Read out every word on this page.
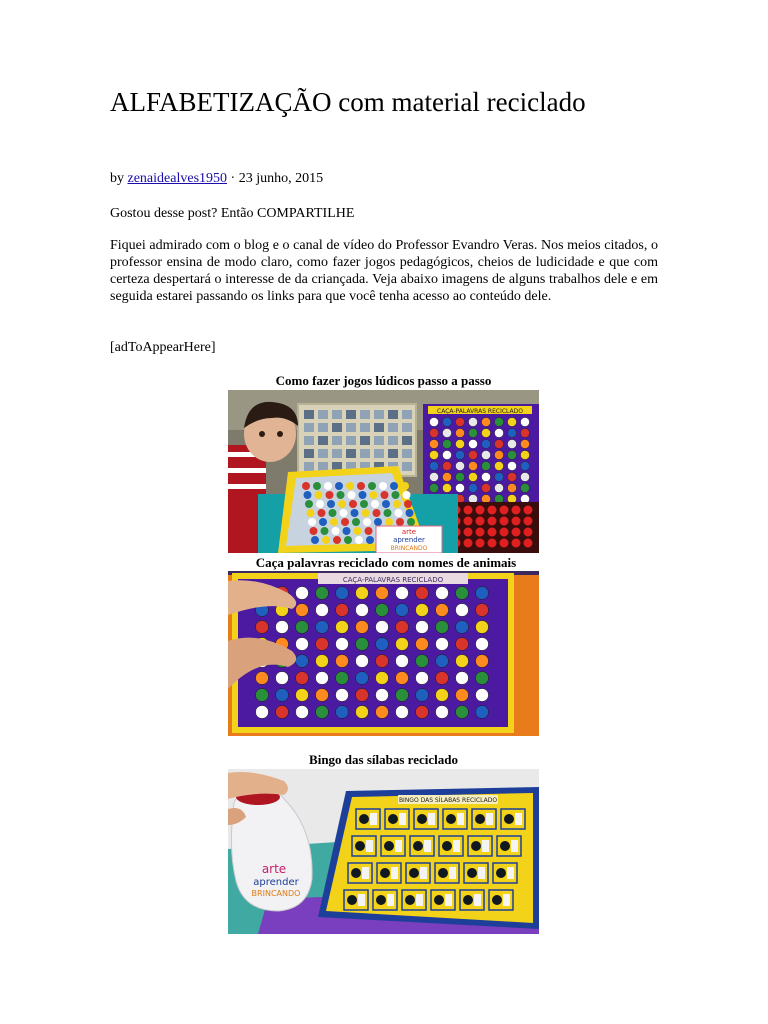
ALFABETIZAÇÃO com material reciclado
by zenaidealves1950 · 23 junho, 2015
Gostou desse post? Então COMPARTILHE

Fiquei admirado com o blog e o canal de vídeo do Professor Evandro Veras. Nos meios citados, o professor ensina de modo claro, como fazer jogos pedagógicos, cheios de ludicidade e que com certeza despertará o interesse de da criançada. Veja abaixo imagens de alguns trabalhos dele e em seguida estarei passando os links para que você tenha acesso ao conteúdo dele.

[adToAppearHere]
Como fazer jogos lúdicos passo a passo
CAÇA-PALAVRAS RECICLADO
arte
aprender
BRINCANDO
Caça palavras reciclado com nomes de animais
CAÇA-PALAVRAS RECICLADO
Bingo das sílabas reciclado
BINGO DAS SÍLABAS RECICLADO
arte
aprender
BRINCANDO
